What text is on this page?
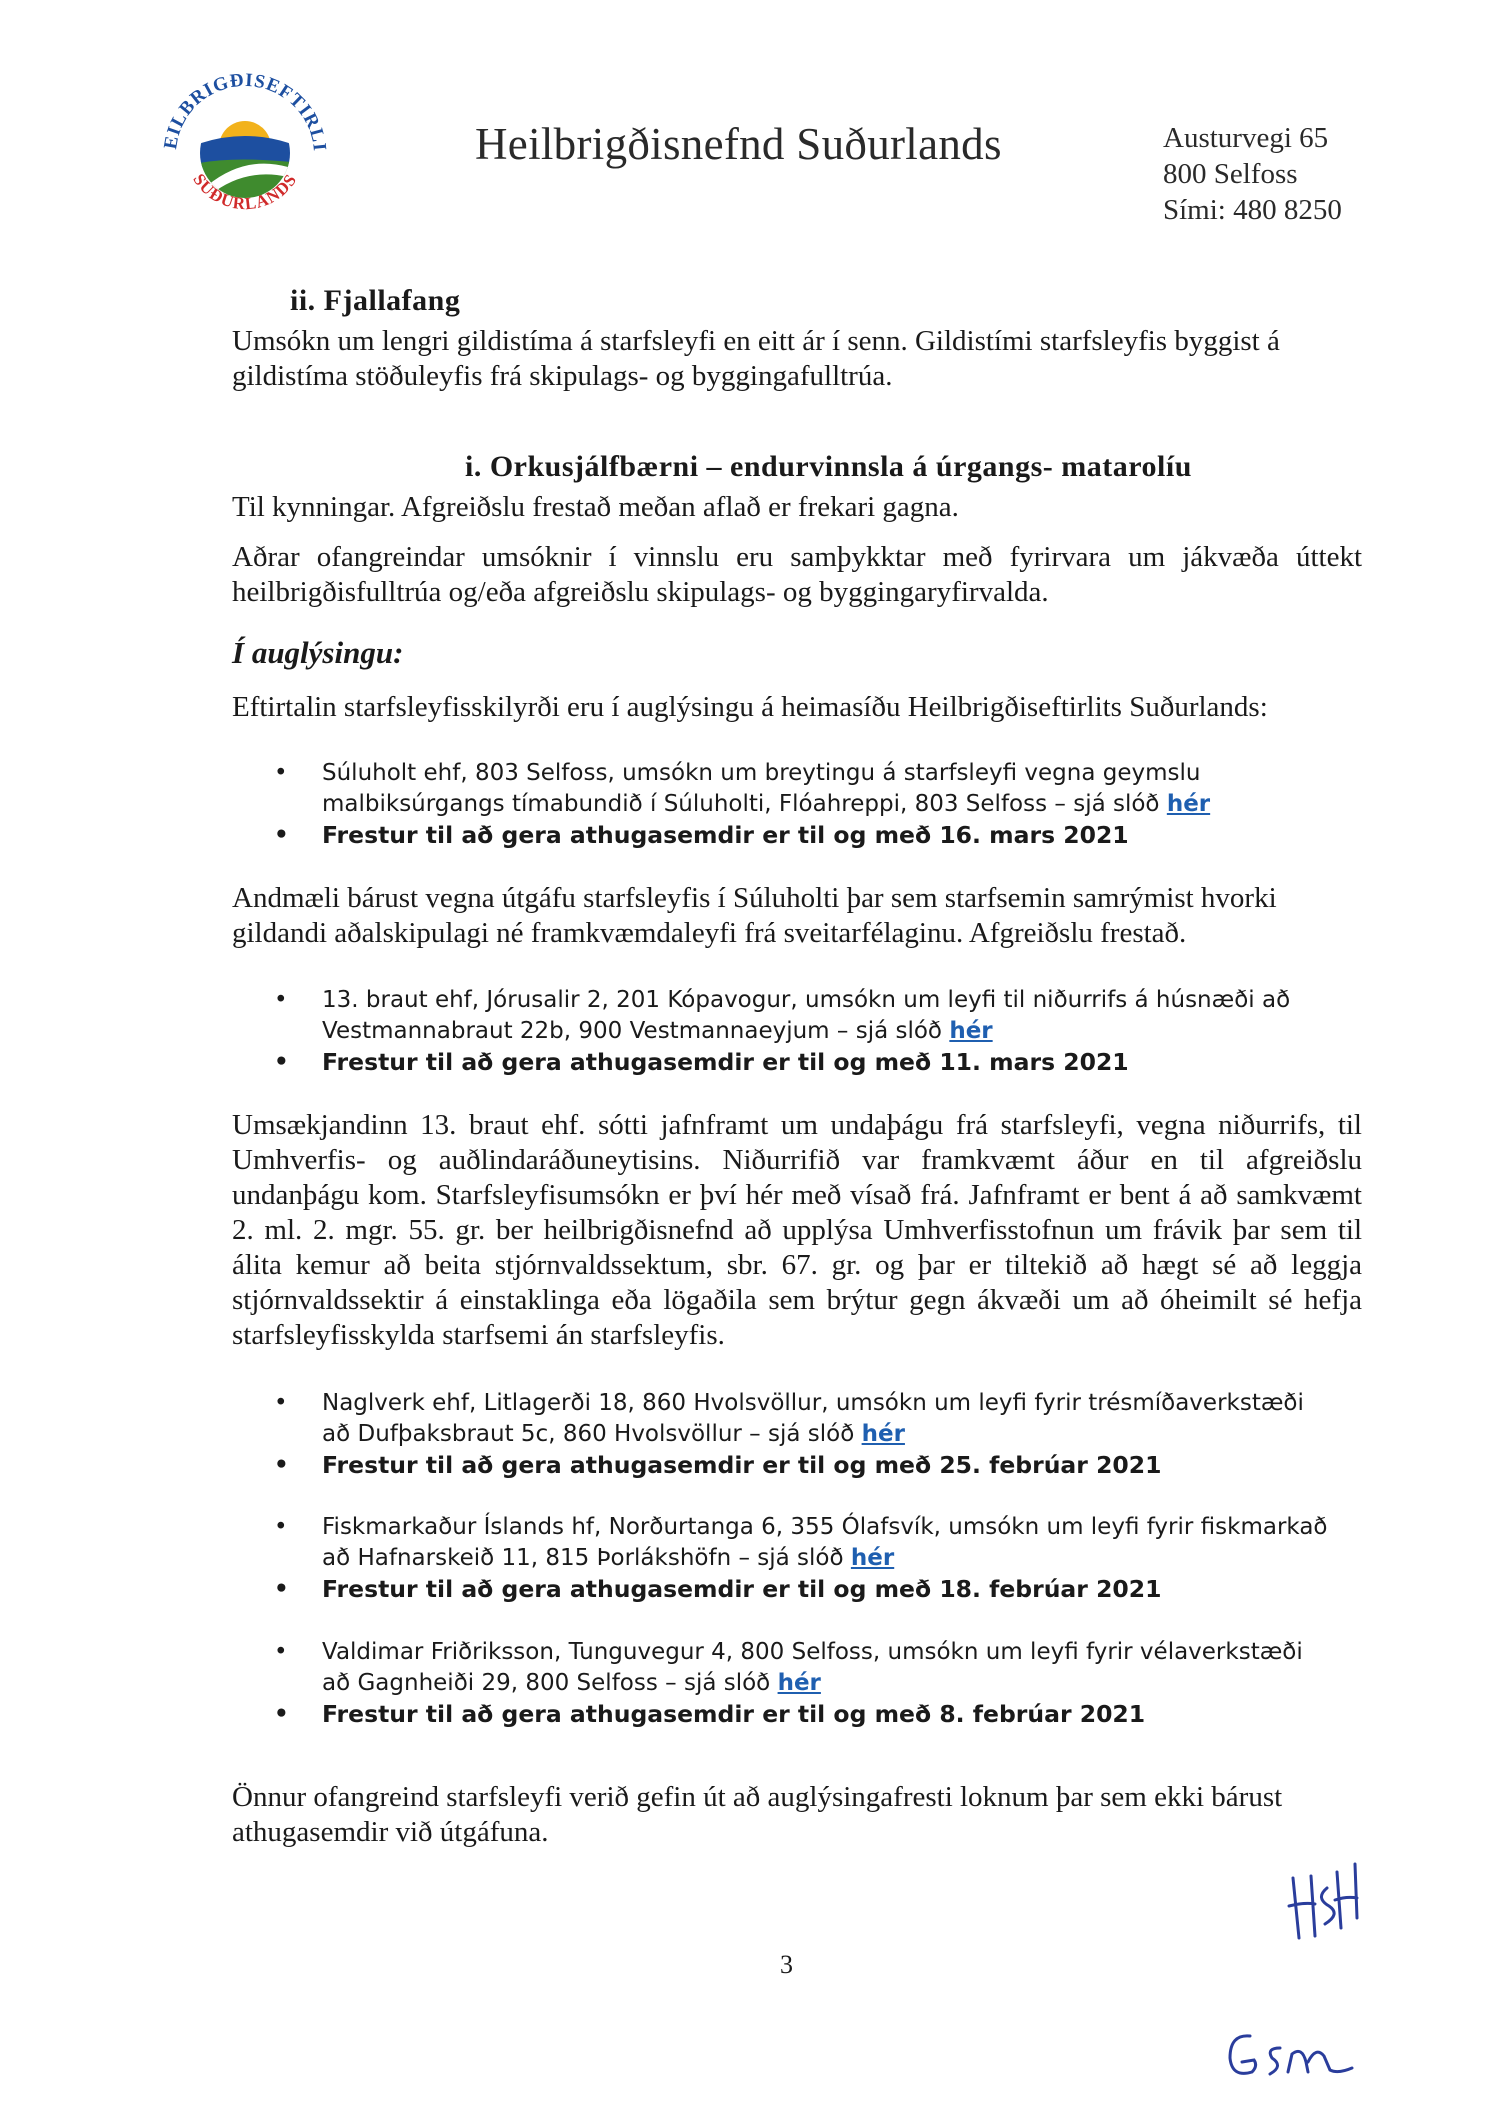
EILBRIGÐISEFTIRLI
SUÐURLANDS
Heilbrigðisnefnd Suðurlands	Austurvegi 65
800 Selfoss
Sími: 480 8250
ii. Fjallafang
Umsókn um lengri gildistíma á starfsleyfi en eitt ár í senn. Gildistími starfsleyfis byggist á gildistíma stöðuleyfis frá skipulags- og byggingafulltrúa.
i. Orkusjálfbærni – endurvinnsla á úrgangs- matarolíu
Til kynningar. Afgreiðslu frestað meðan aflað er frekari gagna.
Aðrar ofangreindar umsóknir í vinnslu eru samþykktar með fyrirvara um jákvæða úttekt heilbrigðisfulltrúa og/eða afgreiðslu skipulags- og byggingaryfirvalda.
Í auglýsingu:
Eftirtalin starfsleyfisskilyrði eru í auglýsingu á heimasíðu Heilbrigðiseftirlits Suðurlands:
• Súluholt ehf, 803 Selfoss, umsókn um breytingu á starfsleyfi vegna geymslu malbiksúrgangs tímabundið í Súluholti, Flóahreppi, 803 Selfoss – sjá slóð hér
• Frestur til að gera athugasemdir er til og með 16. mars 2021
Andmæli bárust vegna útgáfu starfsleyfis í Súluholti þar sem starfsemin samrýmist hvorki gildandi aðalskipulagi né framkvæmdaleyfi frá sveitarfélaginu. Afgreiðslu frestað.
• 13. braut ehf, Jórusalir 2, 201 Kópavogur, umsókn um leyfi til niðurrifs á húsnæði að Vestmannabraut 22b, 900 Vestmannaeyjum – sjá slóð hér
• Frestur til að gera athugasemdir er til og með 11. mars 2021
Umsækjandinn 13. braut ehf. sótti jafnframt um undaþágu frá starfsleyfi, vegna niðurrifs, til Umhverfis- og auðlindaráðuneytisins. Niðurrifið var framkvæmt áður en til afgreiðslu undanþágu kom. Starfsleyfisumsókn er því hér með vísað frá. Jafnframt er bent á að samkvæmt 2. ml. 2. mgr. 55. gr. ber heilbrigðisnefnd að upplýsa Umhverfisstofnun um frávik þar sem til álita kemur að beita stjórnvaldssektum, sbr. 67. gr. og þar er tiltekið að hægt sé að leggja stjórnvaldssektir á einstaklinga eða lögaðila sem brýtur gegn ákvæði um að óheimilt sé hefja starfsleyfisskylda starfsemi án starfsleyfis.
• Naglverk ehf, Litlagerði 18, 860 Hvolsvöllur, umsókn um leyfi fyrir trésmíðaverkstæði að Dufþaksbraut 5c, 860 Hvolsvöllur – sjá slóð hér
• Frestur til að gera athugasemdir er til og með 25. febrúar 2021
• Fiskmarkaður Íslands hf, Norðurtanga 6, 355 Ólafsvík, umsókn um leyfi fyrir fiskmarkað að Hafnarskeið 11, 815 Þorlákshöfn – sjá slóð hér
• Frestur til að gera athugasemdir er til og með 18. febrúar 2021
• Valdimar Friðriksson, Tunguvegur 4, 800 Selfoss, umsókn um leyfi fyrir vélaverkstæði að Gagnheiði 29, 800 Selfoss – sjá slóð hér
• Frestur til að gera athugasemdir er til og með 8. febrúar 2021
Önnur ofangreind starfsleyfi verið gefin út að auglýsingafresti loknum þar sem ekki bárust athugasemdir við útgáfuna.
3
